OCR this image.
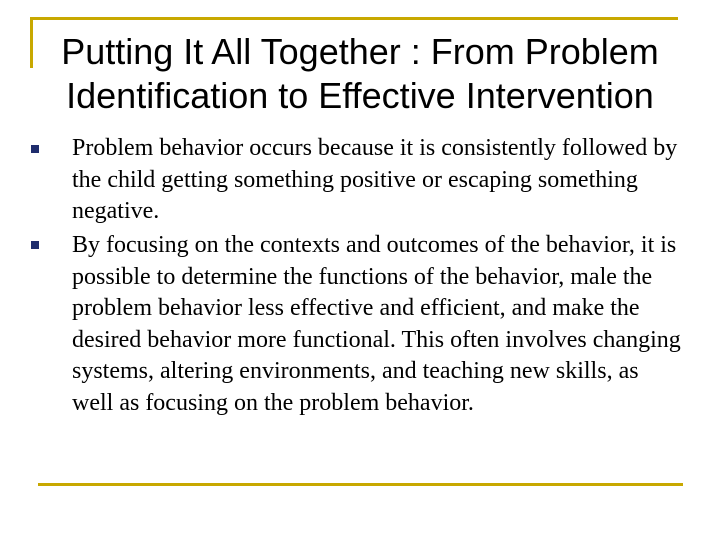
Putting It All Together : From Problem Identification to Effective Intervention
Problem behavior occurs because it is consistently followed by the child getting something positive or escaping something negative.
By focusing on the contexts and outcomes of the behavior, it is possible to determine the functions of the behavior, male the problem behavior less effective and efficient, and make the desired behavior more functional. This often involves changing systems, altering environments, and teaching new skills, as well as focusing on the problem behavior.
